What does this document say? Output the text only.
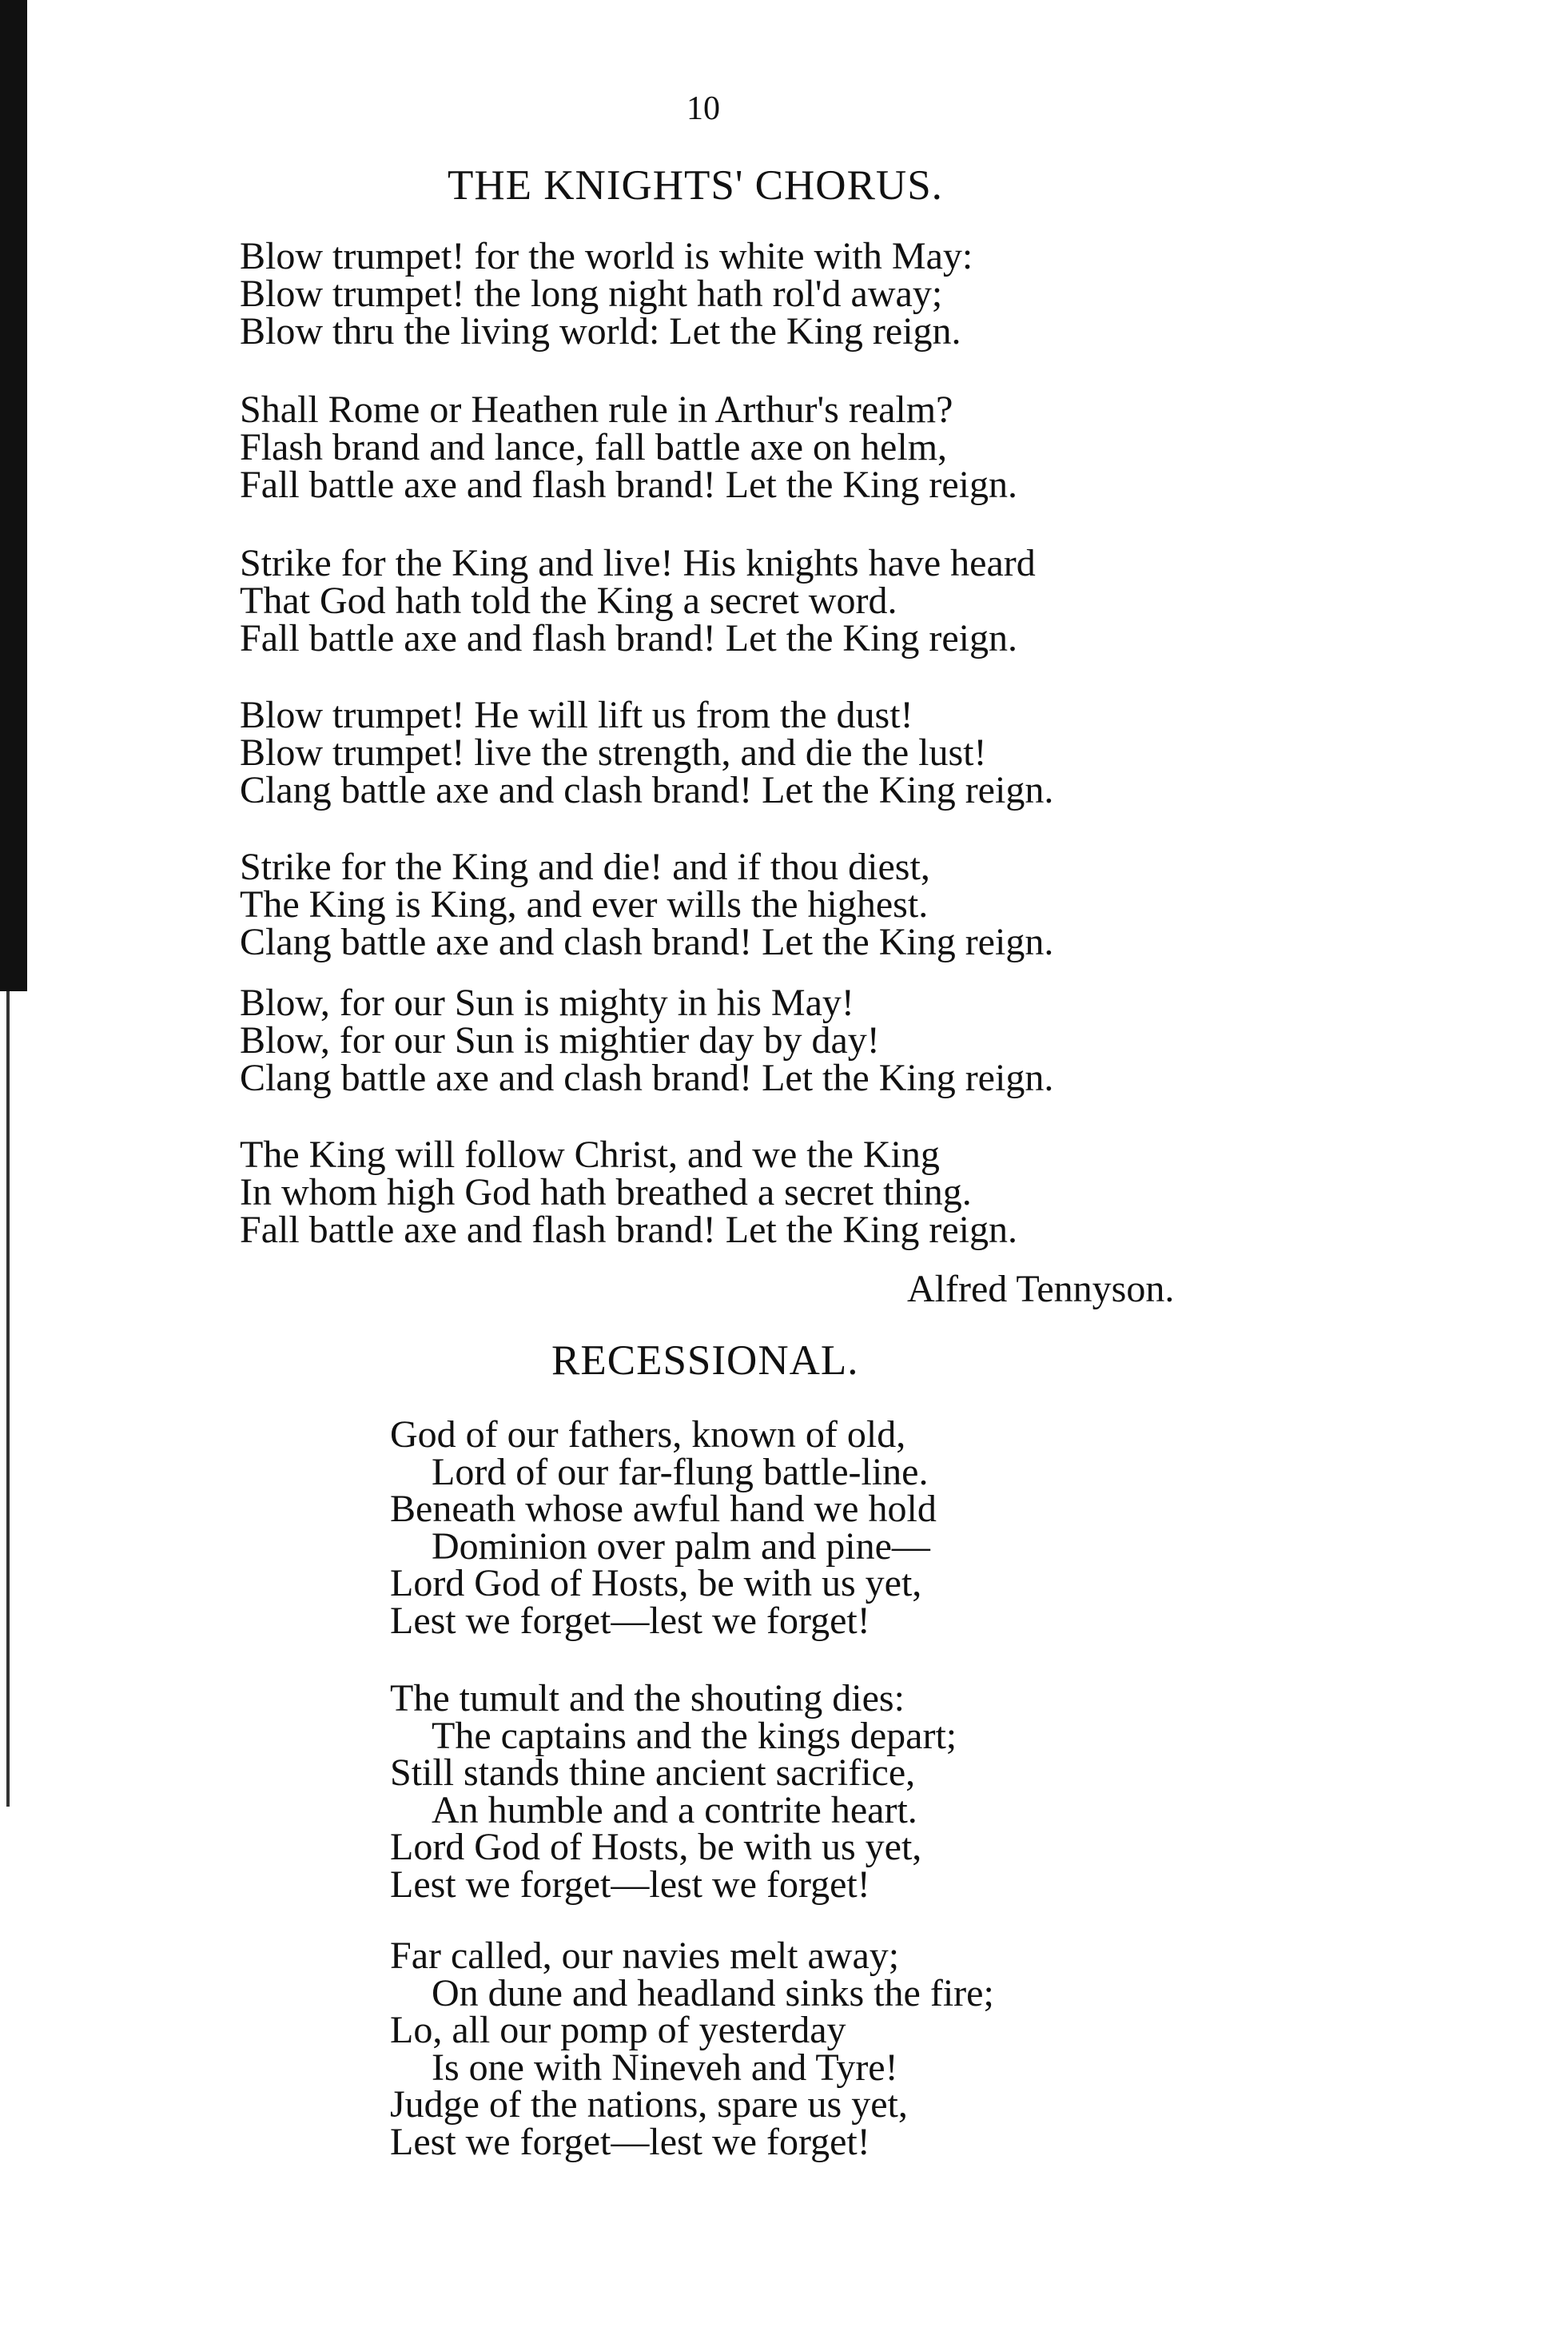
10
THE KNIGHTS' CHORUS.
Blow trumpet! for the world is white with May:
Blow trumpet! the long night hath rol'd away;
Blow thru the living world: Let the King reign.
Shall Rome or Heathen rule in Arthur's realm?
Flash brand and lance, fall battle axe on helm,
Fall battle axe and flash brand! Let the King reign.
Strike for the King and live! His knights have heard
That God hath told the King a secret word.
Fall battle axe and flash brand! Let the King reign.
Blow trumpet! He will lift us from the dust!
Blow trumpet! live the strength, and die the lust!
Clang battle axe and clash brand! Let the King reign.
Strike for the King and die! and if thou diest,
The King is King, and ever wills the highest.
Clang battle axe and clash brand! Let the King reign.
Blow, for our Sun is mighty in his May!
Blow, for our Sun is mightier day by day!
Clang battle axe and clash brand! Let the King reign.
The King will follow Christ, and we the King
In whom high God hath breathed a secret thing.
Fall battle axe and flash brand! Let the King reign.
Alfred Tennyson.
RECESSIONAL.
God of our fathers, known of old,
Lord of our far-flung battle-line.
Beneath whose awful hand we hold
Dominion over palm and pine—
Lord God of Hosts, be with us yet,
Lest we forget—lest we forget!
The tumult and the shouting dies:
The captains and the kings depart;
Still stands thine ancient sacrifice,
An humble and a contrite heart.
Lord God of Hosts, be with us yet,
Lest we forget—lest we forget!
Far called, our navies melt away;
On dune and headland sinks the fire;
Lo, all our pomp of yesterday
Is one with Nineveh and Tyre!
Judge of the nations, spare us yet,
Lest we forget—lest we forget!
